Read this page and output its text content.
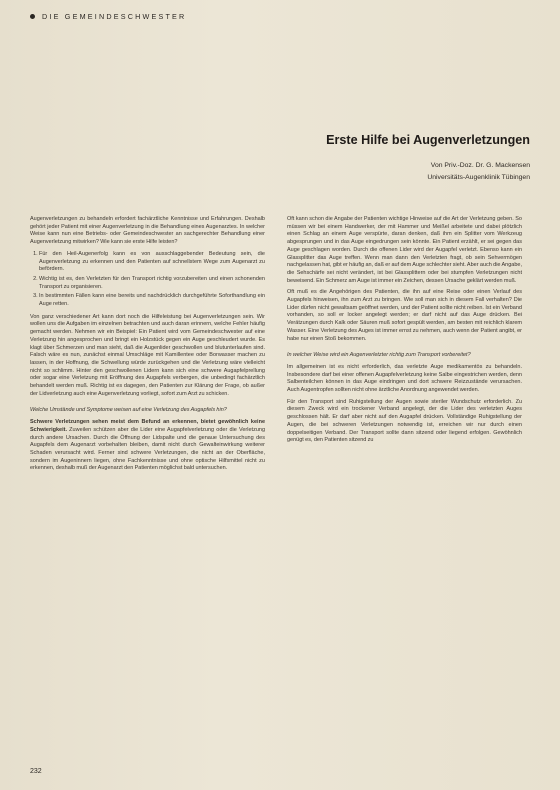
DIE GEMEINDESCHWESTER
Erste Hilfe bei Augenverletzungen
Von Priv.-Doz. Dr. G. Mackensen
Universitäts-Augenklinik Tübingen

Augenverletzungen zu behandeln erfordert fachärztliche Kenntnisse und Erfahrungen. Deshalb gehört jeder Patient mit einer Augenverletzung in die Behandlung eines Augenarztes. In welcher Weise kann nun eine Betriebs- oder Gemeindeschwester an sachgerechter Behandlung einer Augenverletzung mitwirken? Wie kann sie erste Hilfe leisten?

1. Für den Heil-Augenerfolg kann es von ausschlaggebender Bedeutung sein, die Augenverletzung zu erkennen und den Patienten auf schnellstem Wege zum Augenarzt zu befördern.
2. Wichtig ist es, den Verletzten für den Transport richtig vorzubereiten und einen schonenden Transport zu organisieren.
3. In bestimmten Fällen kann eine bereits und nachdrücklich durchgeführte Soforthandlung ein Auge retten.

Von ganz verschiedener Art kann dort noch die Hilfeleistung bei Augenverletzungen sein. Wir wollen uns die Aufgaben im einzelnen betrachten und auch daran erinnern, welche Fehler häufig gemacht werden. Nehmen wir ein Beispiel: Ein Patient wird vom Gemeindeschwester auf eine Verletzung hin angesprochen und bringt ein Holzstück gegen ein Auge geschleudert wurde. Es klagt über Schmerzen und man sieht, daß die Augenlider geschwollen und blutunterlaufen sind. Falsch wäre es nun, zunächst einmal Umschläge mit Kamillentee oder Borwasser machen zu lassen, in der Hoffnung, die Schwellung würde zurückgehen und die Verletzung wäre vielleicht nicht so schlimm. Hinter den geschwollenen Lidern kann sich eine schwere Augapfelprellung oder sogar eine Verletzung mit Eröffnung des Augapfels verbergen, die unbedingt fachärztlich behandelt werden muß. Richtig ist es dagegen, den Patienten zur Klärung der Frage, ob außer der Lidverletzung auch eine Augenverletzung vorliegt, sofort zum Arzt zu schicken.

Welche Umstände und Symptome weisen auf eine Verletzung des Augapfels hin?

Schwere Verletzungen sehen meist dem Befund an erkennen, bietet gewöhnlich keine Schwierigkeit. Zuweilen schützen aber die Lider eine Augapfelverletzung oder die Verletzung durch andere Ursachen. Durch die Öffnung der Lidspalte und die genaue Untersuchung des Augapfels dem Augenarzt vorbehalten bleiben, damit nicht durch Gewalteinwirkung weiterer Schaden verursacht wird. Ferner sind schwere Verletzungen, die nicht an der Oberfläche, sondern im Augeninnern liegen, ohne Fachkenntnisse und ohne optische Hilfsmittel nicht zu erkennen, deshalb muß der Augenarzt den Patienten möglichst bald untersuchen.

Oft kann schon die Angabe der Patienten wichtige Hinweise auf die Art der Verletzung geben. So müssen wir bei einem Handwerker, der mit Hammer und Meißel arbeitete und dabei plötzlich einen Schlag an einem Auge verspürte, daran denken, daß ihm ein Splitter vom Werkzeug abgesprungen und in das Auge eingedrungen sein könnte. Ein Patient erzählt, er sei gegen das Auge geschlagen worden. Durch die offenen Lider wird der Augapfel verletzt. Ebenso kann ein Glassplitter das Auge treffen. Wenn man dann den Verletzten fragt, ob sein Sehvermögen nachgelassen hat, gibt er häufig an, daß er auf dem Auge schlechter sieht. Aber auch die Angabe, die Sehschärfe sei nicht verändert, ist bei Glassplittern oder bei stumpfen Verletzungen nicht beweisend. Ein Schmerz am Auge ist immer ein Zeichen, dessen Ursache geklärt werden muß.

Oft muß es die Angehörigen des Patienten, die ihn auf eine Reise oder einen Verlauf des Augapfels hinweisen, ihn zum Arzt zu bringen. Wie soll man sich in diesem Fall verhalten? Die Lider dürfen nicht gewaltsam geöffnet werden, und der Patient sollte nicht reiben. Ist ein Verband vorhanden, so soll er locker angelegt werden; er darf nicht auf das Auge drücken. Bei Verätzungen durch Kalk oder Säuren muß sofort gespült werden, am besten mit reichlich klarem Wasser. Eine Verletzung des Auges ist immer ernst zu nehmen, auch wenn der Patient angibt, er habe nur einen Stoß bekommen.

In welcher Weise wird ein Augenverletzter richtig zum Transport vorbereitet?

Im allgemeinen ist es nicht erforderlich, das verletzte Auge medikamentös zu behandeln. Insbesondere darf bei einer offenen Augapfelverletzung keine Salbe eingestrichen werden, denn Salbenteilchen können in das Auge eindringen und dort schwere Reizzustände verursachen. Auch Augentropfen sollten nicht ohne ärztliche Anordnung angewendet werden.

Für den Transport sind Ruhigstellung der Augen sowie steriler Wundschutz erforderlich. Zu diesem Zweck wird ein trockener Verband angelegt, der die Lider des verletzten Auges geschlossen hält. Er darf aber nicht auf den Augapfel drücken. Vollständige Ruhigstellung der Augen, die bei schweren Verletzungen notwendig ist, erreichen wir nur durch einen doppelseitigen Verband. Der Transport sollte dann sitzend oder liegend erfolgen. Gewöhnlich genügt es, den Patienten sitzend zu

232
